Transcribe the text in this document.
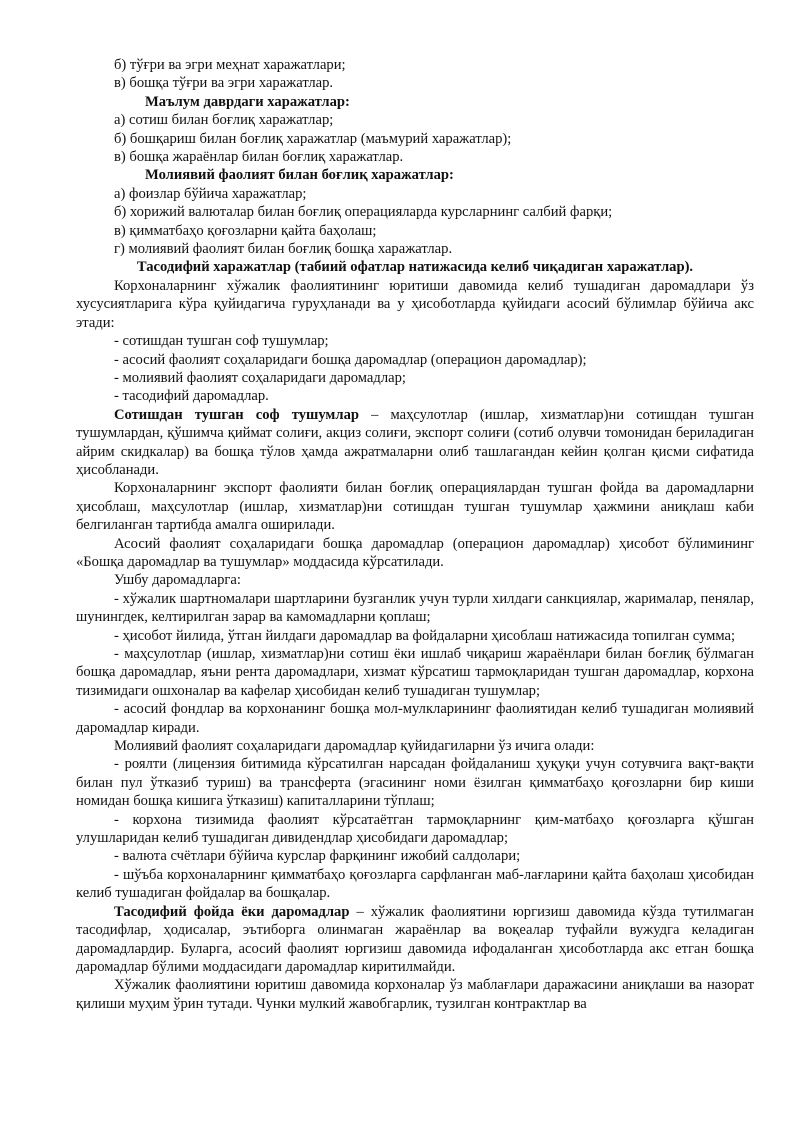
б) тўғри ва эгри меҳнат харажатлари;

в) бошқа тўғри ва эгри харажатлар.

Маълум даврдаги харажатлар:

а) сотиш билан боғлиқ харажатлар;

б) бошқариш билан боғлиқ харажатлар (маъмурий харажатлар);

в) бошқа жараёнлар билан боғлиқ харажатлар.

Молиявий фаолият билан боғлиқ харажатлар:

а) фоизлар бўйича харажатлар;

б) хорижий валюталар билан боғлиқ операцияларда курсларнинг салбий фарқи;

в) қимматбаҳо қоғозларни қайта баҳолаш;

г) молиявий фаолият билан боғлиқ бошқа харажатлар.

Тасодифий харажатлар (табиий офатлар натижасида келиб чиқадиган харажатлар).

Корхоналарнинг хўжалик фаолиятининг юритиши давомида келиб тушадиган даромадлари ўз хусусиятларига кўра қуйидагича гуруҳланади ва у ҳисоботларда қуйидаги асосий бўлимлар бўйича акс этади:

- сотишдан тушган соф тушумлар;

- асосий фаолият соҳаларидаги бошқа даромадлар (операцион даромадлар);

- молиявий фаолият соҳаларидаги даромадлар;

- тасодифий даромадлар.

Сотишдан тушган соф тушумлар – маҳсулотлар (ишлар, хизматлар)ни сотишдан тушган тушумлардан, қўшимча қиймат солиғи, акциз солиғи, экспорт солиғи (сотиб олувчи томонидан бериладиган айрим скидкалар) ва бошқа тўлов ҳамда ажратмаларни олиб ташлагандан кейин қолган қисми сифатида ҳисобланади.

Корхоналарнинг экспорт фаолияти билан боғлиқ операциялардан тушган фойда ва даромадларни ҳисоблаш, маҳсулотлар (ишлар, хизматлар)ни сотишдан тушган тушумлар ҳажмини аниқлаш каби белгиланган тартибда амалга оширилади.

Асосий фаолият соҳаларидаги бошқа даромадлар (операцион даромадлар) ҳисобот бўлимининг «Бошқа даромадлар ва тушумлар» моддасида кўрсатилади.

Ушбу даромадларга:

- хўжалик шартномалари шартларини бузганлик учун турли хилдаги санкциялар, жарималар, пенялар, шунингдек, келтирилган зарар ва камомадларни қоплаш;

- ҳисобот йилида, ўтган йилдаги даромадлар ва фойдаларни ҳисоблаш натижасида топилган сумма;

- маҳсулотлар (ишлар, хизматлар)ни сотиш ёки ишлаб чиқариш жараёнлари билан боғлиқ бўлмаган бошқа даромадлар, яъни рента даромадлари, хизмат кўрсатиш тармоқларидан тушган даромадлар, корхона тизимидаги ошхоналар ва кафелар ҳисобидан келиб тушадиган тушумлар;

- асосий фондлар ва корхонанинг бошқа мол-мулкларининг фаолиятидан келиб тушадиган молиявий даромадлар киради.

Молиявий фаолият соҳаларидаги даромадлар қуйидагиларни ўз ичига олади:

- роялти (лицензия битимида кўрсатилган нарсадан фойдаланиш ҳуқуқи учун сотувчига вақт-вақти билан пул ўтказиб туриш) ва трансферта (эгасининг номи ёзилган қимматбаҳо қоғозларни бир киши номидан бошқа кишига ўтказиш) капиталларини тўплаш;

- корхона тизимида фаолият кўрсатаётган тармоқларнинг қим-матбаҳо қоғозларга қўшган улушларидан келиб тушадиган дивидендлар ҳисобидаги даромадлар;

- валюта счётлари бўйича курслар фарқининг ижобий салдолари;

- шўъба корхоналарнинг қимматбаҳо қоғозларга сарфланган маб-лағларини қайта баҳолаш ҳисобидан келиб тушадиган фойдалар ва бошқалар.

Тасодифий фойда ёки даромадлар – хўжалик фаолиятини юргизиш давомида кўзда тутилмаган тасодифлар, ҳодисалар, эътиборга олинмаган жараёнлар ва воқеалар туфайли вужудга келадиган даромадлардир. Буларга, асосий фаолият юргизиш давомида ифодаланган ҳисоботларда акс етган бошқа даромадлар бўлими моддасидаги даромадлар киритилмайди.

Хўжалик фаолиятини юритиш давомида корхоналар ўз маблағлари даражасини аниқлаши ва назорат қилиши муҳим ўрин тутади. Чунки мулкий жавобгарлик, тузилган контрактлар ва
